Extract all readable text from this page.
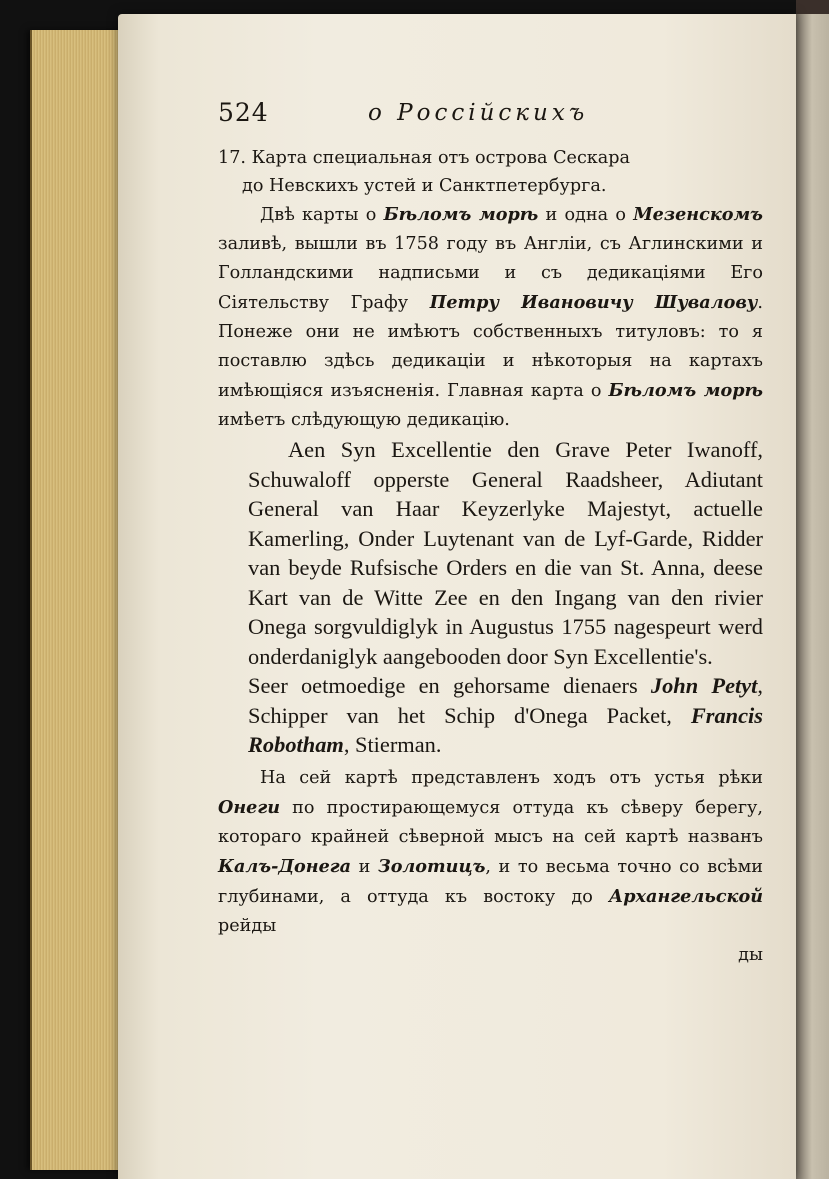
524	о Россійскихъ

17. Карта специальная отъ острова Сескара

до Невскихъ устей и Санктпетербурга.

Двѣ карты о Бѣломъ морѣ и одна о Мезенскомъ заливѣ, вышли въ 1758 году въ Англіи, съ Аглинскими и Голландскими надписьми и съ дедикаціями Его Сіятельству Графу Петру Ивановичу Шувалову. Понеже они не имѣютъ собственныхъ титуловъ: то я поставлю здѣсь дедикаціи и нѣкоторыя на картахъ имѣющіяся изъясненія. Главная карта о Бѣломъ морѣ имѣетъ слѣдующую дедикацію.

Aen Syn Excellentie den Grave Peter Iwanoff, Schuwaloff opperste General Raadsheer, Adiutant General van Haar Keyzerlyke Majestyt, actuelle Kamerling, Onder Luytenant van de Lyf-Garde, Ridder van beyde Rufsische Orders en die van St. Anna, deese Kart van de Witte Zee en den Ingang van den rivier Onega sorgvuldiglyk in Augustus 1755 nagespeurt werd onderdaniglyk aangebooden door Syn Excellentie's.

Seer oetmoedige en gehorsame dienaers John Petyt, Schipper van het Schip d'Onega Packet, Francis Robotham, Stierman.

На сей картѣ представленъ ходъ отъ устья рѣки Онеги по простирающемуся оттуда къ сѣверу берегу, котораго крайней сѣверной мысъ на сей картѣ названъ Калъ-Донега и Золотицъ, и то весьма точно со всѣми глубинами, а оттуда къ востоку до Архангельской рейды

ды
